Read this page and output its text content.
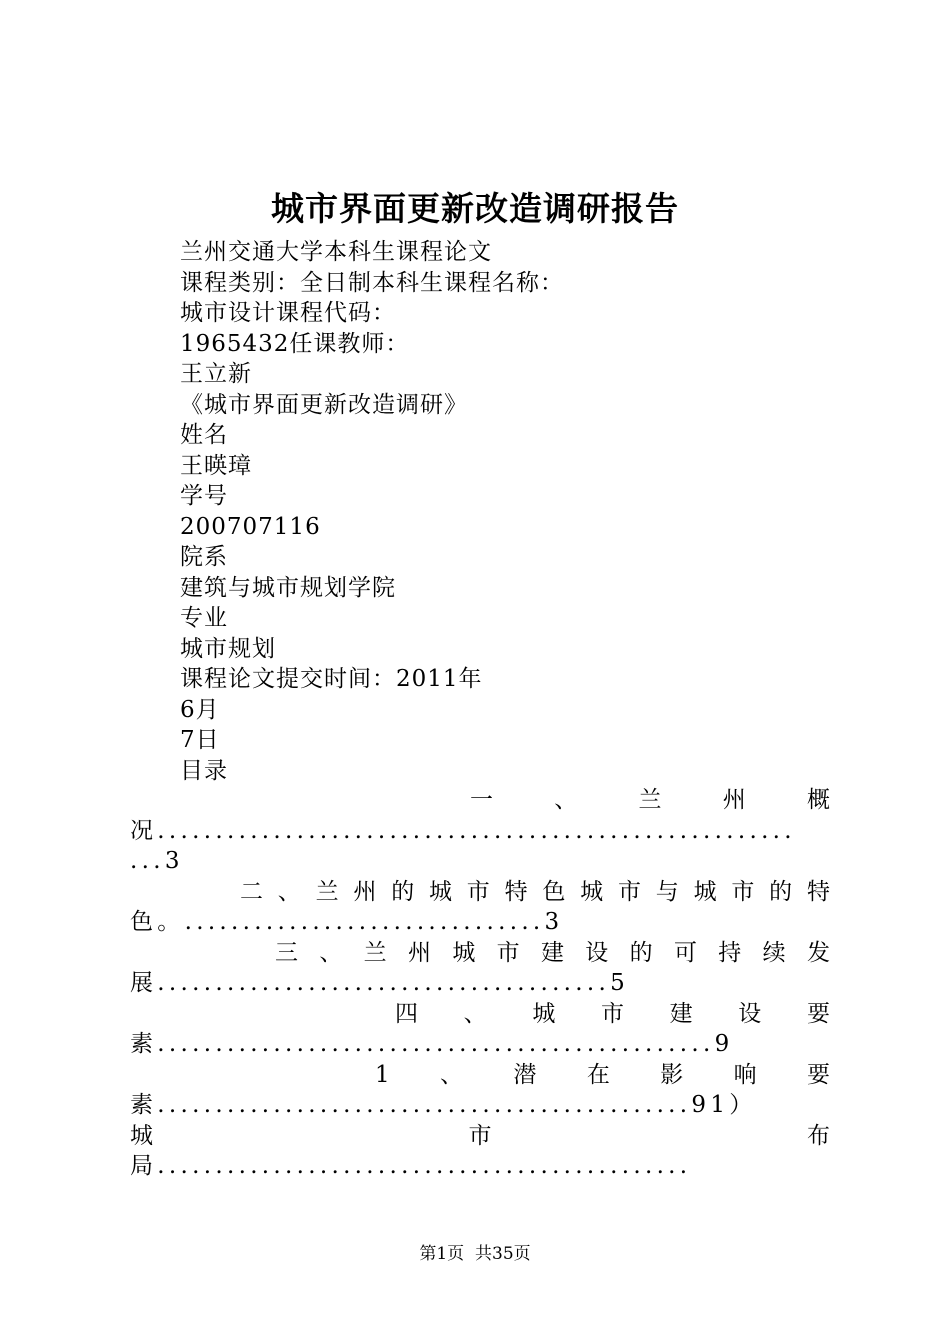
城市界面更新改造调研报告
兰州交通大学本科生课程论文
课程类别：全日制本科生课程名称：
城市设计课程代码：
1965432任课教师：
王立新
《城市界面更新改造调研》
姓名
王暎璋
学号
200707116
院系
建筑与城市规划学院
专业
城市规划
课程论文提交时间：2011年
6月
7日
目录
一	、	兰	州	概
况.......................................................
...3
二 、 兰 州 的 城 市 特 色 城 市 与 城 市 的 特
色。...............................3
三 、 兰 州 城 市 建 设 的 可 持 续 发
展.......................................5
四 、 城 市 建 设 要
素................................................9
1 、 潜 在 影 响 要
素..............................................91）
城	市	布
局..............................................
第1页 共35页
